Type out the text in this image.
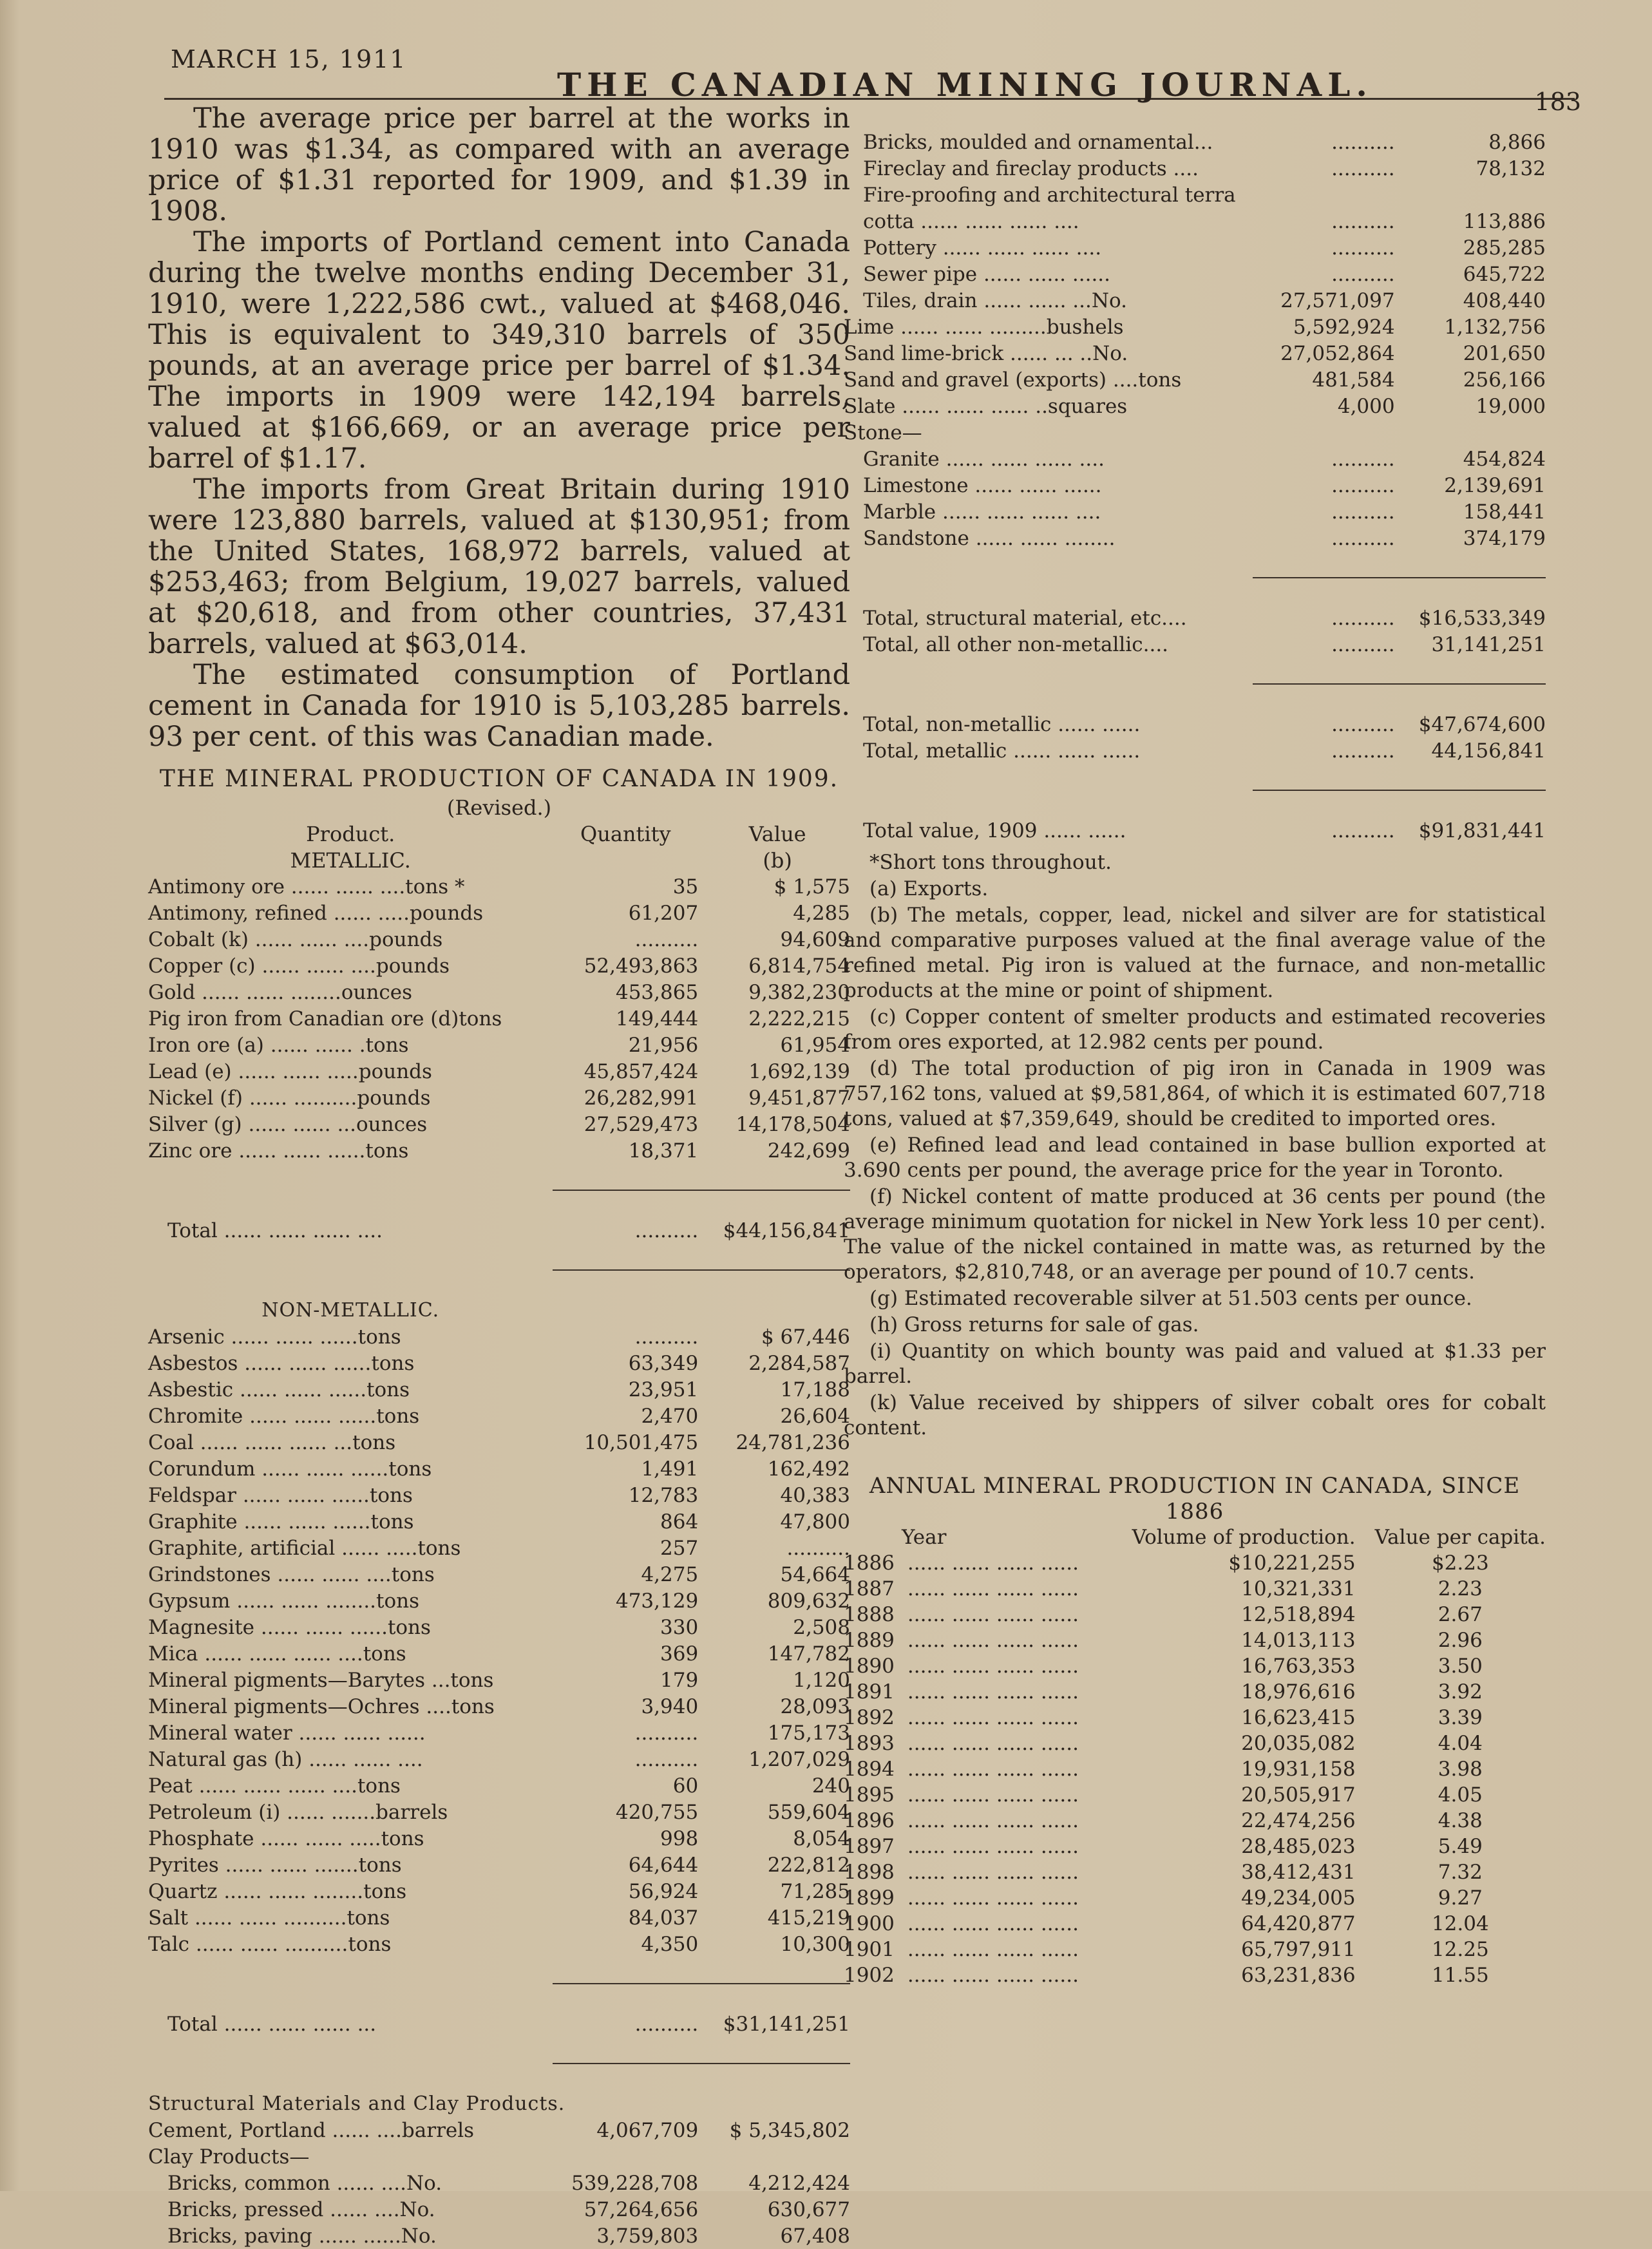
MARCH 15, 1911
THE CANADIAN MINING JOURNAL.	183

The average price per barrel at the works in 1910 was $1.34, as compared with an average price of $1.31 reported for 1909, and $1.39 in 1908.

The imports of Portland cement into Canada during the twelve months ending December 31, 1910, were 1,222,586 cwt., valued at $468,046. This is equivalent to 349,310 barrels of 350 pounds, at an average price per barrel of $1.34. The imports in 1909 were 142,194 barrels, valued at $166,669, or an average price per barrel of $1.17.

The imports from Great Britain during 1910 were 123,880 barrels, valued at $130,951; from the United States, 168,972 barrels, valued at $253,463; from Belgium, 19,027 barrels, valued at $20,618, and from other countries, 37,431 barrels, valued at $63,014.

The estimated consumption of Portland cement in Canada for 1910 is 5,103,285 barrels. 93 per cent. of this was Canadian made.

THE MINERAL PRODUCTION OF CANADA IN 1909.
(Revised.)
Product.	Quantity	Value
METALLIC.		(b)
Antimony ore ...... ...... ....tons *	35	$ 1,575
Antimony, refined ...... .....pounds	61,207	4,285
Cobalt (k) ...... ...... ....pounds	..........	94,609
Copper (c) ...... ...... ....pounds	52,493,863	6,814,754
Gold ...... ...... ........ounces	453,865	9,382,230
Pig iron from Canadian ore (d)tons	149,444	2,222,215
Iron ore (a) ...... ...... .tons	21,956	61,954
Lead (e) ...... ...... .....pounds	45,857,424	1,692,139
Nickel (f) ...... ..........pounds	26,282,991	9,451,877
Silver (g) ...... ...... ...ounces	27,529,473	14,178,504
Zinc ore ...... ...... ......tons	18,371	242,699

Total ...... ...... ...... ....	..........	$44,156,841

NON-METALLIC.		
Arsenic ...... ...... ......tons	..........	$ 67,446
Asbestos ...... ...... ......tons	63,349	2,284,587
Asbestic ...... ...... ......tons	23,951	17,188
Chromite ...... ...... ......tons	2,470	26,604
Coal ...... ...... ...... ...tons	10,501,475	24,781,236
Corundum ...... ...... ......tons	1,491	162,492
Feldspar ...... ...... ......tons	12,783	40,383
Graphite ...... ...... ......tons	864	47,800
Graphite, artificial ...... .....tons	257	..........
Grindstones ...... ...... ....tons	4,275	54,664
Gypsum ...... ...... ........tons	473,129	809,632
Magnesite ...... ...... ......tons	330	2,508
Mica ...... ...... ...... ....tons	369	147,782
Mineral pigments—Barytes ...tons	179	1,120
Mineral pigments—Ochres ....tons	3,940	28,093
Mineral water ...... ...... ......	..........	175,173
Natural gas (h) ...... ...... ....	..........	1,207,029
Peat ...... ...... ...... ....tons	60	240
Petroleum (i) ...... .......barrels	420,755	559,604
Phosphate ...... ...... .....tons	998	8,054
Pyrites ...... ...... .......tons	64,644	222,812
Quartz ...... ...... ........tons	56,924	71,285
Salt ...... ...... ..........tons	84,037	415,219
Talc ...... ...... ..........tons	4,350	10,300

Total ...... ...... ...... ...	..........	$31,141,251

Structural Materials and Clay Products.		
Cement, Portland ...... ....barrels	4,067,709	$ 5,345,802
Clay Products—		
Bricks, common ...... ....No.	539,228,708	4,212,424
Bricks, pressed ...... ....No.	57,264,656	630,677
Bricks, paving ...... ......No.	3,759,803	67,408
Bricks, moulded and ornamental...	..........	8,866
Fireclay and fireclay products ....	..........	78,132
Fire-proofing and architectural terra		
cotta ...... ...... ...... ....	..........	113,886
Pottery ...... ...... ...... ....	..........	285,285
Sewer pipe ...... ...... ......	..........	645,722
Tiles, drain ...... ...... ...No.	27,571,097	408,440
Lime ...... ...... .........bushels	5,592,924	1,132,756
Sand lime-brick ...... ... ..No.	27,052,864	201,650
Sand and gravel (exports) ....tons	481,584	256,166
Slate ...... ...... ...... ..squares	4,000	19,000
Stone—		
Granite ...... ...... ...... ....	..........	454,824
Limestone ...... ...... ......	..........	2,139,691
Marble ...... ...... ...... ....	..........	158,441
Sandstone ...... ...... ........	..........	374,179

Total, structural material, etc....	..........	$16,533,349
Total, all other non-metallic....	..........	31,141,251

Total, non-metallic ...... ......	..........	$47,674,600
Total, metallic ...... ...... ......	..........	44,156,841

Total value, 1909 ...... ......	..........	$91,831,441

*Short tons throughout.

(a) Exports.

(b) The metals, copper, lead, nickel and silver are for statistical and comparative purposes valued at the final average value of the refined metal. Pig iron is valued at the furnace, and non-metallic products at the mine or point of shipment.

(c) Copper content of smelter products and estimated recoveries from ores exported, at 12.982 cents per pound.

(d) The total production of pig iron in Canada in 1909 was 757,162 tons, valued at $9,581,864, of which it is estimated 607,718 tons, valued at $7,359,649, should be credited to imported ores.

(e) Refined lead and lead contained in base bullion exported at 3.690 cents per pound, the average price for the year in Toronto.

(f) Nickel content of matte produced at 36 cents per pound (the average minimum quotation for nickel in New York less 10 per cent). The value of the nickel contained in matte was, as returned by the operators, $2,810,748, or an average per pound of 10.7 cents.

(g) Estimated recoverable silver at 51.503 cents per ounce.

(h) Gross returns for sale of gas.

(i) Quantity on which bounty was paid and valued at $1.33 per barrel.

(k) Value received by shippers of silver cobalt ores for cobalt content.

ANNUAL MINERAL PRODUCTION IN CANADA, SINCE 1886
Year	Volume of production.	Value per capita.
1886 ...... ...... ...... ......	$10,221,255	$2.23
1887 ...... ...... ...... ......	10,321,331	2.23
1888 ...... ...... ...... ......	12,518,894	2.67
1889 ...... ...... ...... ......	14,013,113	2.96
1890 ...... ...... ...... ......	16,763,353	3.50
1891 ...... ...... ...... ......	18,976,616	3.92
1892 ...... ...... ...... ......	16,623,415	3.39
1893 ...... ...... ...... ......	20,035,082	4.04
1894 ...... ...... ...... ......	19,931,158	3.98
1895 ...... ...... ...... ......	20,505,917	4.05
1896 ...... ...... ...... ......	22,474,256	4.38
1897 ...... ...... ...... ......	28,485,023	5.49
1898 ...... ...... ...... ......	38,412,431	7.32
1899 ...... ...... ...... ......	49,234,005	9.27
1900 ...... ...... ...... ......	64,420,877	12.04
1901 ...... ...... ...... ......	65,797,911	12.25
1902 ...... ...... ...... ......	63,231,836	11.55
